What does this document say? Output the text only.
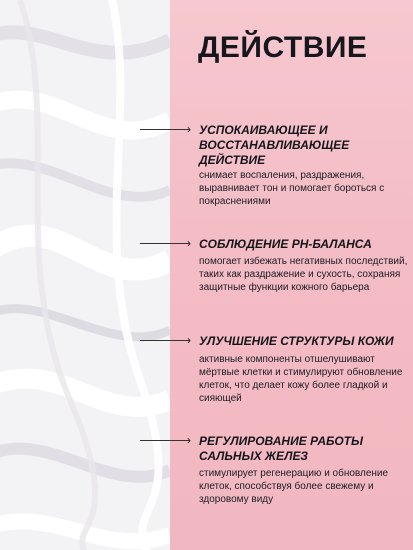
ДЕЙСТВИЕ
› УСПОКАИВАЮЩЕЕ И ВОССТАНАВЛИВАЮЩЕЕ ДЕЙСТВИЕ
снимает воспаления, раздражения, выравнивает тон и помогает бороться с покраснениями
› СОБЛЮДЕНИЕ PH-БАЛАНСА
помогает избежать негативных последствий, таких как раздражение и сухость, сохраняя защитные функции кожного барьера
› УЛУЧШЕНИЕ СТРУКТУРЫ КОЖИ
активные компоненты отшелушивают мёртвые клетки и стимулируют обновление клеток, что делает кожу более гладкой и сияющей
› РЕГУЛИРОВАНИЕ РАБОТЫ САЛЬНЫХ ЖЕЛЕЗ
стимулирует регенерацию и обновление клеток, способствуя более свежему и здоровому виду
